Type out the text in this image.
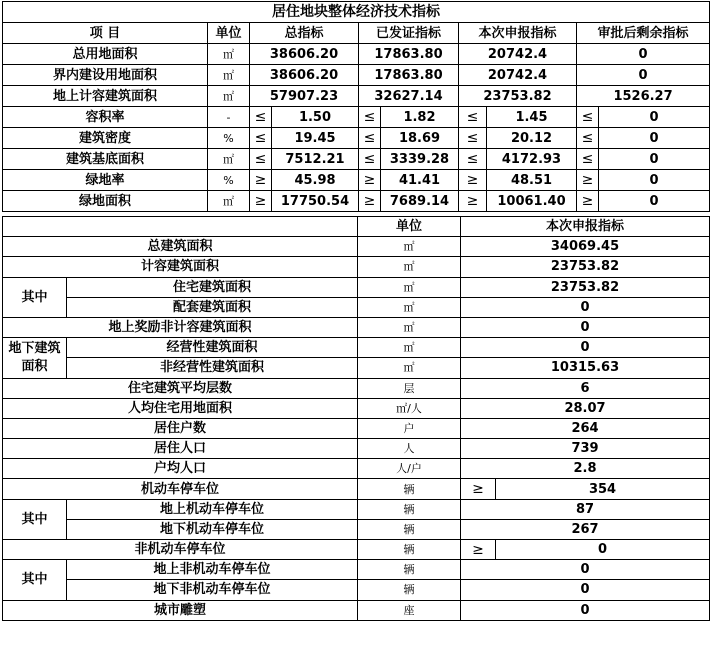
居住地块整体经济技术指标									
项 目	单位	总指标		已发证指标		本次申报指标		审批后剩余指标	
总用地面积	㎡	38606.20		17863.80		20742.4		0	
界内建设用地面积	㎡	38606.20		17863.80		20742.4		0	
地上计容建筑面积	㎡	57907.23		32627.14		23753.82		1526.27	
容积率	-	≤	1.50	≤	1.82	≤	1.45	≤	0
建筑密度	%	≤	19.45	≤	18.69	≤	20.12	≤	0
建筑基底面积	㎡	≤	7512.21	≤	3339.28	≤	4172.93	≤	0
绿地率	%	≥	45.98	≥	41.41	≥	48.51	≥	0
绿地面积	㎡	≥	17750.54	≥	7689.14	≥	10061.40	≥	0
		单位	本次申报指标	
总建筑面积		㎡	34069.45	
计容建筑面积		㎡	23753.82	
其中	住宅建筑面积	㎡	23753.82	
	配套建筑面积	㎡	0	
地上奖励非计容建筑面积		㎡	0	
地下建筑面积	经营性建筑面积	㎡	0	
	非经营性建筑面积	㎡	10315.63	
住宅建筑平均层数		层	6	
人均住宅用地面积		㎡/人	28.07	
居住户数		户	264	
居住人口		人	739	
户均人口		人/户	2.8	
机动车停车位		辆	≥	354
其中	地上机动车停车位	辆	87	
	地下机动车停车位	辆	267	
非机动车停车位		辆	≥	0
其中	地上非机动车停车位	辆	0	
	地下非机动车停车位	辆	0	
城市雕塑		座	0	
